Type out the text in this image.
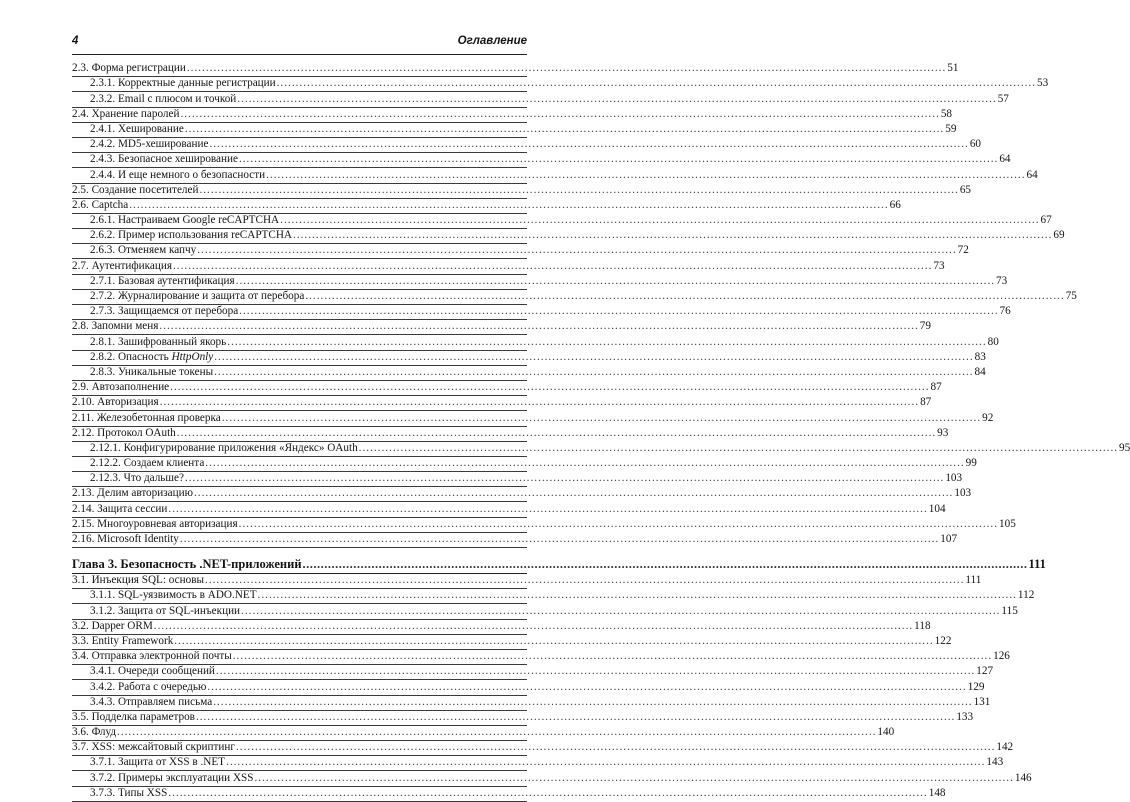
4	Оглавление
2.3. Форма регистрации ........................................................................................................................................................................................................ 51
2.3.1. Корректные данные регистрации ........................................................................................................................................................................................................ 53
2.3.2. Email с плюсом и точкой ........................................................................................................................................................................................................ 57
2.4. Хранение паролей ........................................................................................................................................................................................................ 58
2.4.1. Хеширование ........................................................................................................................................................................................................ 59
2.4.2. MD5-хеширование ........................................................................................................................................................................................................ 60
2.4.3. Безопасное хеширование ........................................................................................................................................................................................................ 64
2.4.4. И еще немного о безопасности ........................................................................................................................................................................................................ 64
2.5. Создание посетителей ........................................................................................................................................................................................................ 65
2.6. Captcha ........................................................................................................................................................................................................ 66
2.6.1. Настраиваем Google reCAPTCHA ........................................................................................................................................................................................................ 67
2.6.2. Пример использования reCAPTCHA ........................................................................................................................................................................................................ 69
2.6.3. Отменяем капчу ........................................................................................................................................................................................................ 72
2.7. Аутентификация ........................................................................................................................................................................................................ 73
2.7.1. Базовая аутентификация ........................................................................................................................................................................................................ 73
2.7.2. Журналирование и защита от перебора ........................................................................................................................................................................................................ 75
2.7.3. Защищаемся от перебора ........................................................................................................................................................................................................ 76
2.8. Запомни меня ........................................................................................................................................................................................................ 79
2.8.1. Зашифрованный якорь ........................................................................................................................................................................................................ 80
2.8.2. Опасность HttpOnly ........................................................................................................................................................................................................ 83
2.8.3. Уникальные токены ........................................................................................................................................................................................................ 84
2.9. Автозаполнение ........................................................................................................................................................................................................ 87
2.10. Авторизация ........................................................................................................................................................................................................ 87
2.11. Железобетонная проверка ........................................................................................................................................................................................................ 92
2.12. Протокол OAuth ........................................................................................................................................................................................................ 93
2.12.1. Конфигурирование приложения «Яндекс» OAuth ........................................................................................................................................................................................................ 95
2.12.2. Создаем клиента ........................................................................................................................................................................................................ 99
2.12.3. Что дальше? ........................................................................................................................................................................................................ 103
2.13. Делим авторизацию ........................................................................................................................................................................................................ 103
2.14. Защита сессии ........................................................................................................................................................................................................ 104
2.15. Многоуровневая авторизация ........................................................................................................................................................................................................ 105
2.16. Microsoft Identity ........................................................................................................................................................................................................ 107
Глава 3. Безопасность .NET-приложений ........................................................................................................................................................................................................ 111
3.1. Инъекция SQL: основы ........................................................................................................................................................................................................ 111
3.1.1. SQL-уязвимость в ADO.NET ........................................................................................................................................................................................................ 112
3.1.2. Защита от SQL-инъекции ........................................................................................................................................................................................................ 115
3.2. Dapper ORM ........................................................................................................................................................................................................ 118
3.3. Entity Framework ........................................................................................................................................................................................................ 122
3.4. Отправка электронной почты ........................................................................................................................................................................................................ 126
3.4.1. Очереди сообщений ........................................................................................................................................................................................................ 127
3.4.2. Работа с очередью ........................................................................................................................................................................................................ 129
3.4.3. Отправляем письма ........................................................................................................................................................................................................ 131
3.5. Подделка параметров ........................................................................................................................................................................................................ 133
3.6. Флуд ........................................................................................................................................................................................................ 140
3.7. XSS: межсайтовый скриптинг ........................................................................................................................................................................................................ 142
3.7.1. Защита от XSS в .NET ........................................................................................................................................................................................................ 143
3.7.2. Примеры эксплуатации XSS ........................................................................................................................................................................................................ 146
3.7.3. Типы XSS ........................................................................................................................................................................................................ 148
